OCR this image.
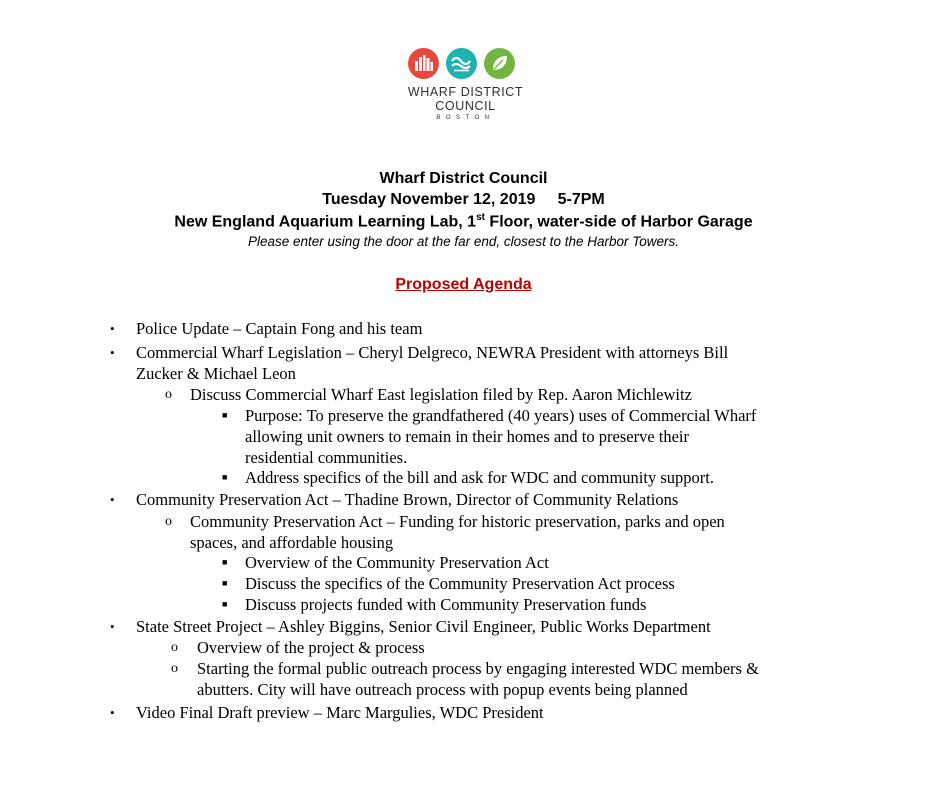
WHARF DISTRICT
COUNCIL
BOSTON
Wharf District Council
Tuesday November 12, 2019     5-7PM
New England Aquarium Learning Lab, 1st Floor, water-side of Harbor Garage
Please enter using the door at the far end, closest to the Harbor Towers.
Proposed Agenda
• Police Update – Captain Fong and his team
• Commercial Wharf Legislation – Cheryl Delgreco, NEWRA President with attorneys Bill
Zucker & Michael Leon
o Discuss Commercial Wharf East legislation filed by Rep. Aaron Michlewitz
■ Purpose: To preserve the grandfathered (40 years) uses of Commercial Wharf
allowing unit owners to remain in their homes and to preserve their
residential communities.
■ Address specifics of the bill and ask for WDC and community support.
• Community Preservation Act – Thadine Brown, Director of Community Relations
o Community Preservation Act – Funding for historic preservation, parks and open
spaces, and affordable housing
■ Overview of the Community Preservation Act
■ Discuss the specifics of the Community Preservation Act process
■ Discuss projects funded with Community Preservation funds
• State Street Project – Ashley Biggins, Senior Civil Engineer, Public Works Department
o Overview of the project & process
o Starting the formal public outreach process by engaging interested WDC members &
abutters. City will have outreach process with popup events being planned
• Video Final Draft preview – Marc Margulies, WDC President
